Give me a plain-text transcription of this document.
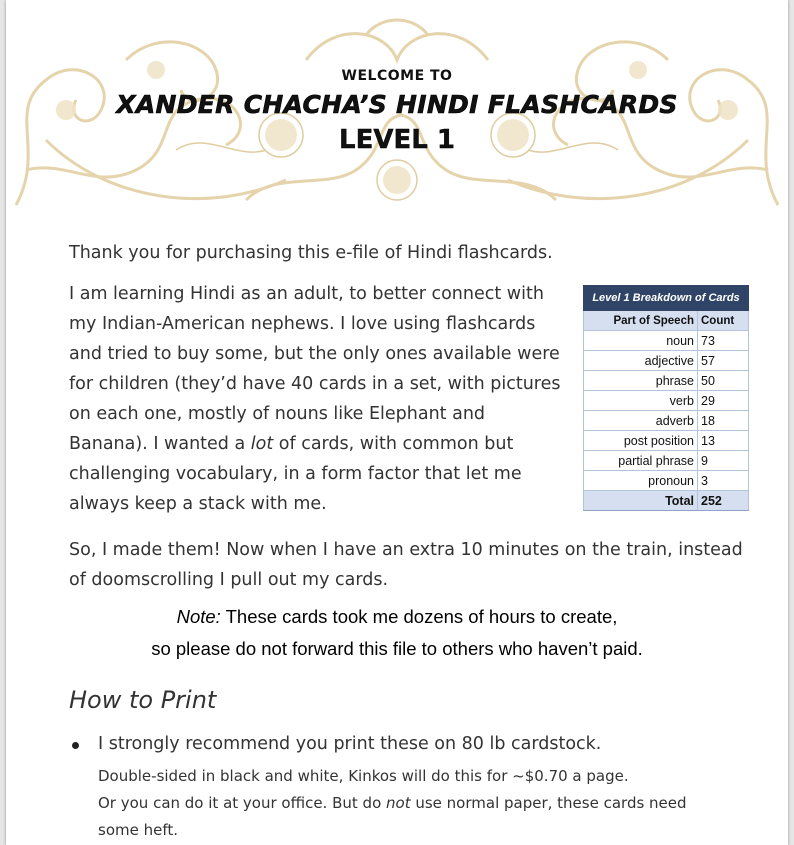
WELCOME TO
XANDER CHACHA’S HINDI FLASHCARDS
LEVEL 1
Thank you for purchasing this e-file of Hindi flashcards.
I am learning Hindi as an adult, to better connect with my Indian-American nephews. I love using flashcards and tried to buy some, but the only ones available were for children (they’d have 40 cards in a set, with pictures on each one, mostly of nouns like Elephant and Banana). I wanted a lot of cards, with common but challenging vocabulary, in a form factor that let me always keep a stack with me.
Level 1 Breakdown of Cards	
Part of Speech	Count
noun	73
adjective	57
phrase	50
verb	29
adverb	18
post position	13
partial phrase	9
pronoun	3
Total	252
So, I made them! Now when I have an extra 10 minutes on the train, instead of doomscrolling I pull out my cards.
Note: These cards took me dozens of hours to create,
so please do not forward this file to others who haven’t paid.
How to Print
I strongly recommend you print these on 80 lb cardstock.
Double-sided in black and white, Kinkos will do this for ~$0.70 a page.
Or you can do it at your office. But do not use normal paper, these cards need some heft.
